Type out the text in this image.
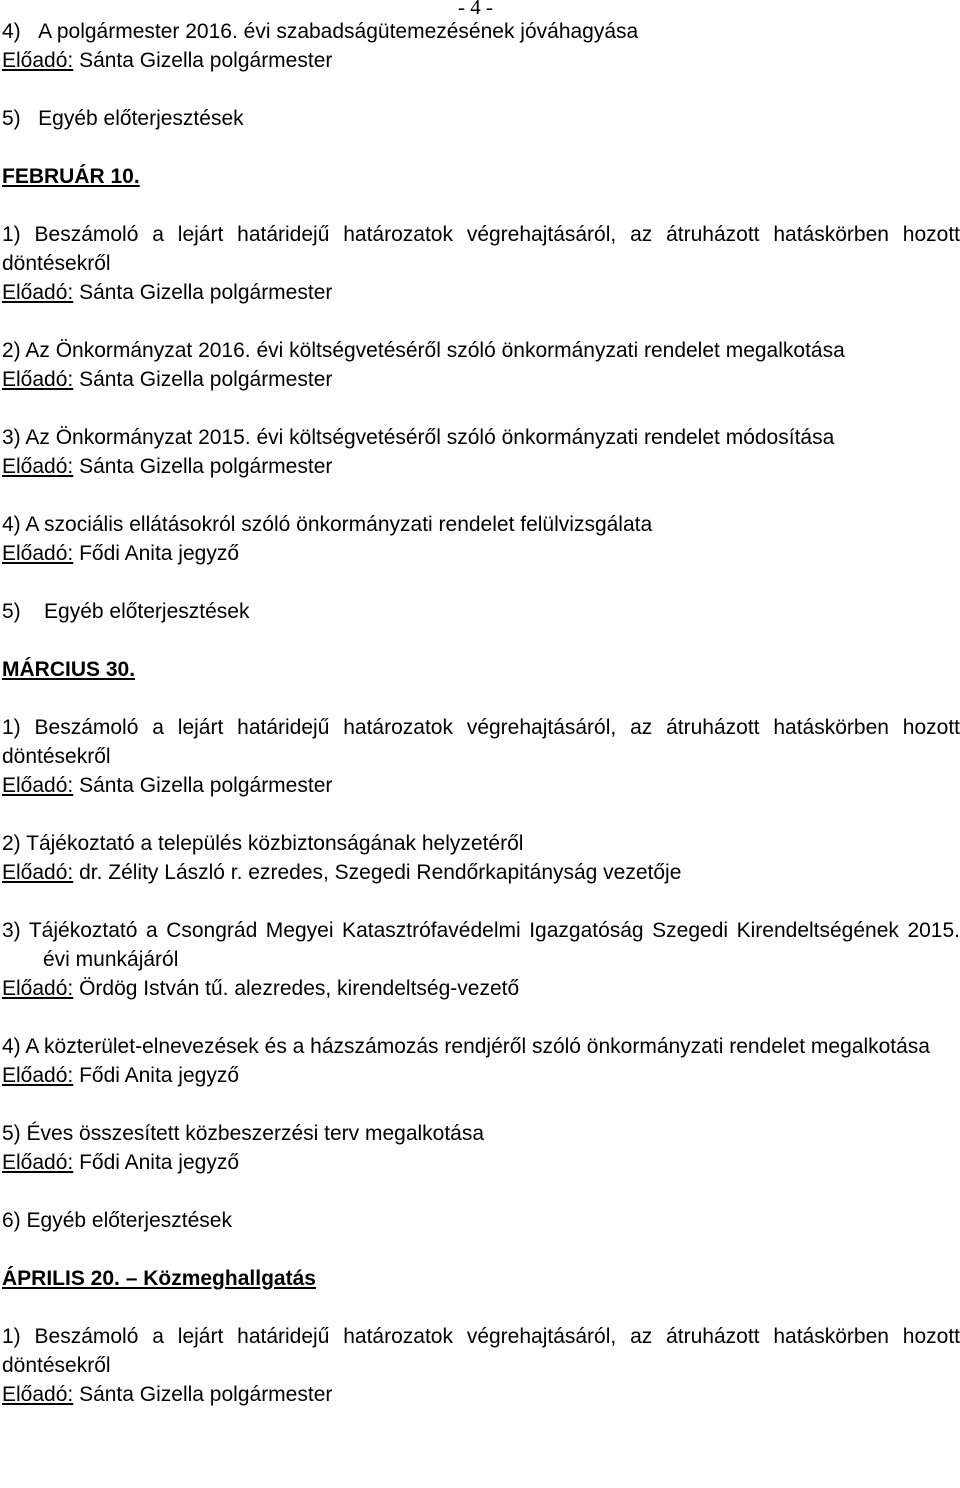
- 4 -
4)   A polgármester 2016. évi szabadságütemezésének jóváhagyása
Előadó: Sánta Gizella polgármester
5)   Egyéb előterjesztések
FEBRUÁR 10.
1) Beszámoló a lejárt határidejű határozatok végrehajtásáról, az átruházott hatáskörben hozott döntésekről
Előadó: Sánta Gizella polgármester
2) Az Önkormányzat 2016. évi költségvetéséről szóló önkormányzati rendelet megalkotása
Előadó: Sánta Gizella polgármester
3) Az Önkormányzat 2015. évi költségvetéséről szóló önkormányzati rendelet módosítása
Előadó: Sánta Gizella polgármester
4) A szociális ellátásokról szóló önkormányzati rendelet felülvizsgálata
Előadó: Fődi Anita jegyző
5)    Egyéb előterjesztések
MÁRCIUS 30.
1) Beszámoló a lejárt határidejű határozatok végrehajtásáról, az átruházott hatáskörben hozott döntésekről
Előadó: Sánta Gizella polgármester
2) Tájékoztató a település közbiztonságának helyzetéről
Előadó: dr. Zélity László r. ezredes, Szegedi Rendőrkapitányság vezetője
3) Tájékoztató a Csongrád Megyei Katasztrófavédelmi Igazgatóság Szegedi Kirendeltségének 2015. évi munkájáról
Előadó: Ördög István tű. alezredes, kirendeltség-vezető
4) A közterület-elnevezések és a házszámozás rendjéről szóló önkormányzati rendelet megalkotása
Előadó: Fődi Anita jegyző
5) Éves összesített közbeszerzési terv megalkotása
Előadó: Fődi Anita jegyző
6) Egyéb előterjesztések
ÁPRILIS 20. – Közmeghallgatás
1) Beszámoló a lejárt határidejű határozatok végrehajtásáról, az átruházott hatáskörben hozott döntésekről
Előadó: Sánta Gizella polgármester
